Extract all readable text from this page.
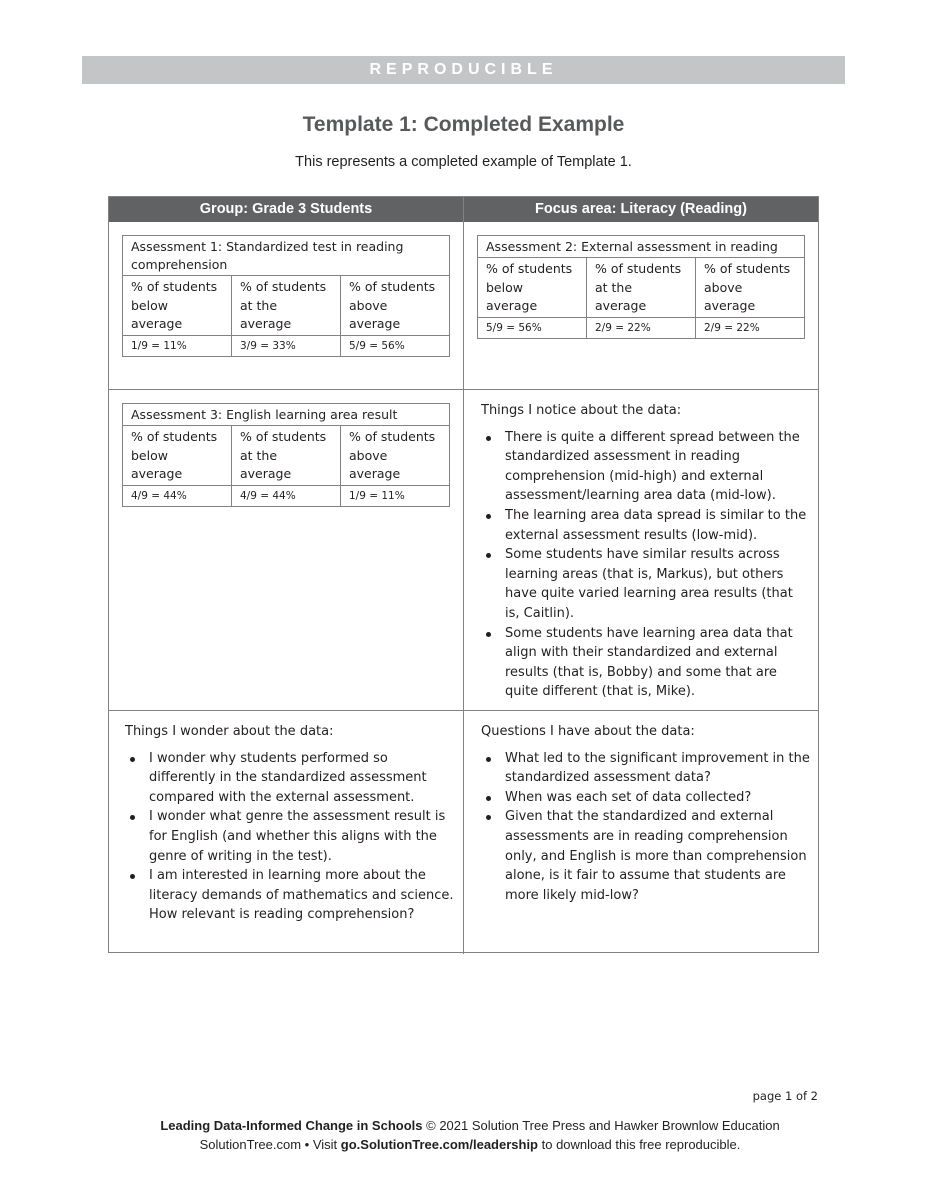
REPRODUCIBLE
Template 1: Completed Example
This represents a completed example of Template 1.
Group: Grade 3 Students	Focus area: Literacy (Reading)
Assessment 1: Standardized test in reading comprehension		
% of students below average	% of students at the average	% of students above average
1/9 = 11%	3/9 = 33%	5/9 = 56%
Assessment 2: External assessment in reading		
% of students below average	% of students at the average	% of students above average
5/9 = 56%	2/9 = 22%	2/9 = 22%
Assessment 3: English learning area result		
% of students below average	% of students at the average	% of students above average
4/9 = 44%	4/9 = 44%	1/9 = 11%
Things I notice about the data:
There is quite a different spread between the standardized assessment in reading comprehension (mid-high) and external assessment/learning area data (mid-low).
The learning area data spread is similar to the external assessment results (low-mid).
Some students have similar results across learning areas (that is, Markus), but others have quite varied learning area results (that is, Caitlin).
Some students have learning area data that align with their standardized and external results (that is, Bobby) and some that are quite different (that is, Mike).
Things I wonder about the data:
I wonder why students performed so differently in the standardized assessment compared with the external assessment.
I wonder what genre the assessment result is for English (and whether this aligns with the genre of writing in the test).
I am interested in learning more about the literacy demands of mathematics and science. How relevant is reading comprehension?
Questions I have about the data:
What led to the significant improvement in the standardized assessment data?
When was each set of data collected?
Given that the standardized and external assessments are in reading comprehension only, and English is more than comprehension alone, is it fair to assume that students are more likely mid-low?
page 1 of 2
Leading Data-Informed Change in Schools © 2021 Solution Tree Press and Hawker Brownlow Education
SolutionTree.com • Visit go.SolutionTree.com/leadership to download this free reproducible.
